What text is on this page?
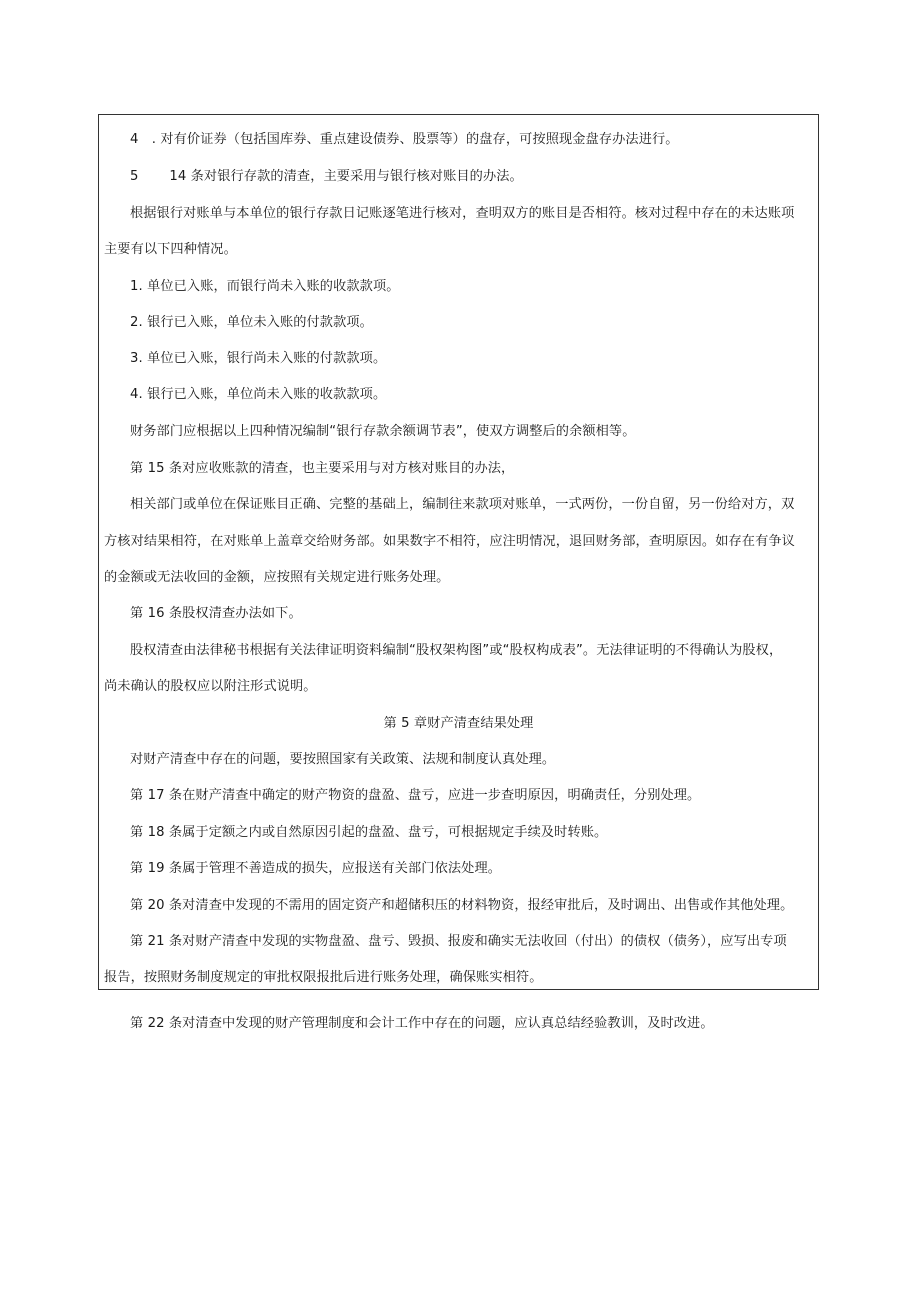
4　. 对有价证券（包括国库券、重点建设债券、股票等）的盘存，可按照现金盘存办法进行。
5　　 14 条对银行存款的清查，主要采用与银行核对账目的办法。
根据银行对账单与本单位的银行存款日记账逐笔进行核对，查明双方的账目是否相符。核对过程中存在的未达账项
主要有以下四种情况。
1. 单位已入账，而银行尚未入账的收款款项。
2. 银行已入账，单位未入账的付款款项。
3. 单位已入账，银行尚未入账的付款款项。
4. 银行已入账，单位尚未入账的收款款项。
财务部门应根据以上四种情况编制“银行存款余额调节表”，使双方调整后的余额相等。
第 15 条对应收账款的清查，也主要采用与对方核对账目的办法，
相关部门或单位在保证账目正确、完整的基础上，编制往来款项对账单，一式两份，一份自留，另一份给对方，双
方核对结果相符，在对账单上盖章交给财务部。如果数字不相符，应注明情况，退回财务部，查明原因。如存在有争议
的金额或无法收回的金额，应按照有关规定进行账务处理。
第 16 条股权清查办法如下。
股权清查由法律秘书根据有关法律证明资料编制“股权架构图”或“股权构成表”。无法律证明的不得确认为股权，
尚未确认的股权应以附注形式说明。
第 5 章财产清查结果处理
对财产清查中存在的问题，要按照国家有关政策、法规和制度认真处理。
第 17 条在财产清查中确定的财产物资的盘盈、盘亏，应进一步查明原因，明确责任，分别处理。
第 18 条属于定额之内或自然原因引起的盘盈、盘亏，可根据规定手续及时转账。
第 19 条属于管理不善造成的损失，应报送有关部门依法处理。
第 20 条对清查中发现的不需用的固定资产和超储积压的材料物资，报经审批后，及时调出、出售或作其他处理。
第 21 条对财产清查中发现的实物盘盈、盘亏、毁损、报废和确实无法收回（付出）的债权（债务），应写出专项
报告，按照财务制度规定的审批权限报批后进行账务处理，确保账实相符。
第 22 条对清查中发现的财产管理制度和会计工作中存在的问题，应认真总结经验教训，及时改进。
